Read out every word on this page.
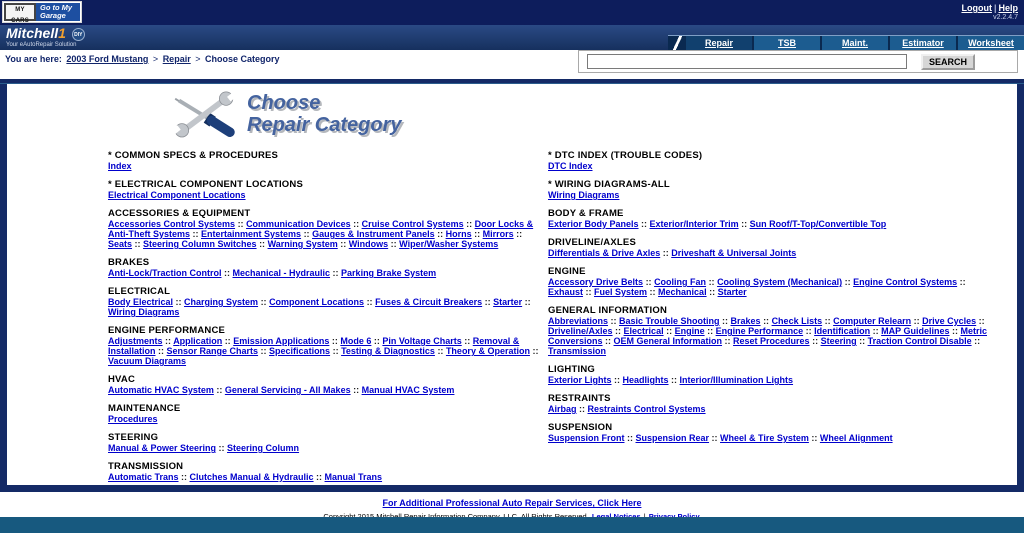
MY CARS
Go to My Garage
Logout | Help
v2.2.4.7
Mitchell1 DIY
Your eAutoRepair Solution	Repair	TSB	Maint.	Estimator	Worksheet
You are here: 2003 Ford Mustang > Repair > Choose Category	SEARCH
Choose
Repair Category
* COMMON SPECS & PROCEDURES
Index
* ELECTRICAL COMPONENT LOCATIONS
Electrical Component Locations
ACCESSORIES & EQUIPMENT
Accessories Control Systems :: Communication Devices :: Cruise Control Systems :: Door Locks & Anti-Theft Systems :: Entertainment Systems :: Gauges & Instrument Panels :: Horns :: Mirrors :: Seats :: Steering Column Switches :: Warning System :: Windows :: Wiper/Washer Systems
BRAKES
Anti-Lock/Traction Control :: Mechanical - Hydraulic :: Parking Brake System
ELECTRICAL
Body Electrical :: Charging System :: Component Locations :: Fuses & Circuit Breakers :: Starter :: Wiring Diagrams
ENGINE PERFORMANCE
Adjustments :: Application :: Emission Applications :: Mode 6 :: Pin Voltage Charts :: Removal & Installation :: Sensor Range Charts :: Specifications :: Testing & Diagnostics :: Theory & Operation :: Vacuum Diagrams
HVAC
Automatic HVAC System :: General Servicing - All Makes :: Manual HVAC System
MAINTENANCE
Procedures
STEERING
Manual & Power Steering :: Steering Column
TRANSMISSION
Automatic Trans :: Clutches Manual & Hydraulic :: Manual Trans
* DTC INDEX (TROUBLE CODES)
DTC Index
* WIRING DIAGRAMS-ALL
Wiring Diagrams
BODY & FRAME
Exterior Body Panels :: Exterior/Interior Trim :: Sun Roof/T-Top/Convertible Top
DRIVELINE/AXLES
Differentials & Drive Axles :: Driveshaft & Universal Joints
ENGINE
Accessory Drive Belts :: Cooling Fan :: Cooling System (Mechanical) :: Engine Control Systems :: Exhaust :: Fuel System :: Mechanical :: Starter
GENERAL INFORMATION
Abbreviations :: Basic Trouble Shooting :: Brakes :: Check Lists :: Computer Relearn :: Drive Cycles :: Driveline/Axles :: Electrical :: Engine :: Engine Performance :: Identification :: MAP Guidelines :: Metric Conversions :: OEM General Information :: Reset Procedures :: Steering :: Traction Control Disable :: Transmission
LIGHTING
Exterior Lights :: Headlights :: Interior/Illumination Lights
RESTRAINTS
Airbag :: Restraints Control Systems
SUSPENSION
Suspension Front :: Suspension Rear :: Wheel & Tire System :: Wheel Alignment
For Additional Professional Auto Repair Services, Click Here
